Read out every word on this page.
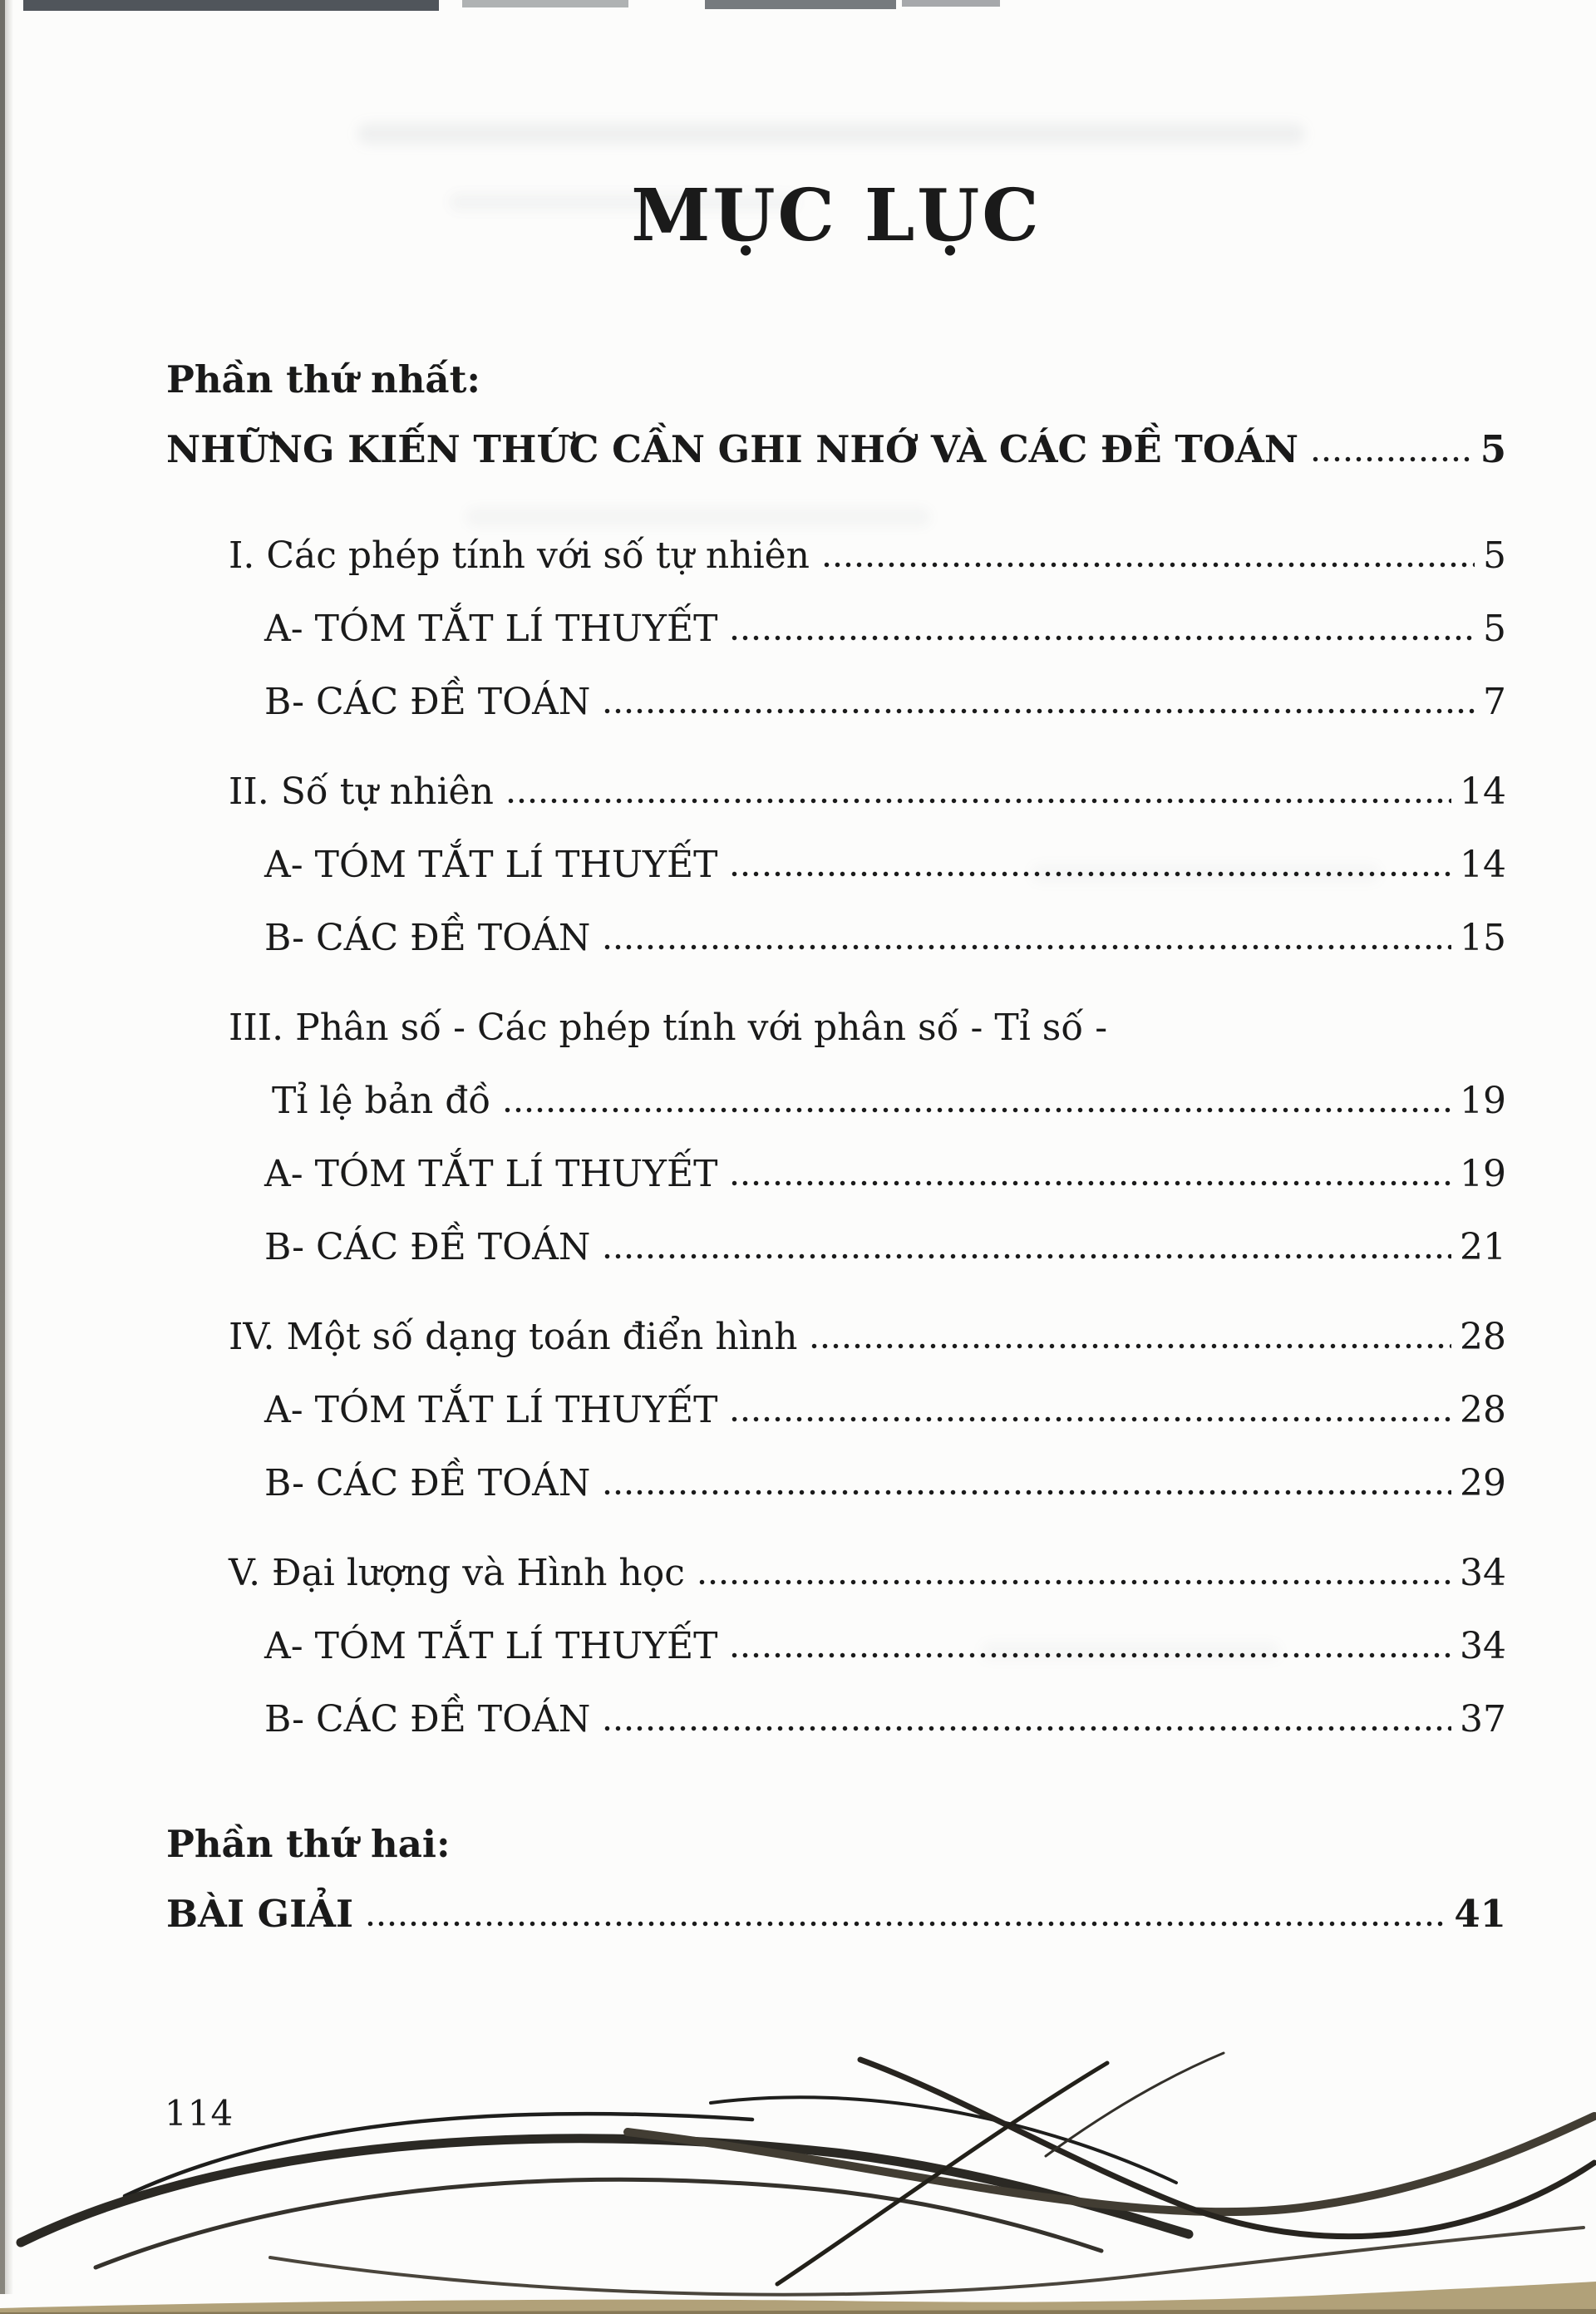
MỤC LỤC
Phần thứ nhất:
NHỮNG KIẾN THỨC CẦN GHI NHỚ VÀ CÁC ĐỀ TOÁN	5
I. Các phép tính với số tự nhiên	5
A- TÓM TẮT LÍ THUYẾT	5
B- CÁC ĐỀ TOÁN	7
II. Số tự nhiên	14
A- TÓM TẮT LÍ THUYẾT	14
B- CÁC ĐỀ TOÁN	15
III. Phân số - Các phép tính với phân số - Tỉ số -
Tỉ lệ bản đồ	19
A- TÓM TẮT LÍ THUYẾT	19
B- CÁC ĐỀ TOÁN	21
IV. Một số dạng toán điển hình	28
A- TÓM TẮT LÍ THUYẾT	28
B- CÁC ĐỀ TOÁN	29
V. Đại lượng và Hình học	34
A- TÓM TẮT LÍ THUYẾT	34
B- CÁC ĐỀ TOÁN	37
Phần thứ hai:
BÀI GIẢI	41
114
